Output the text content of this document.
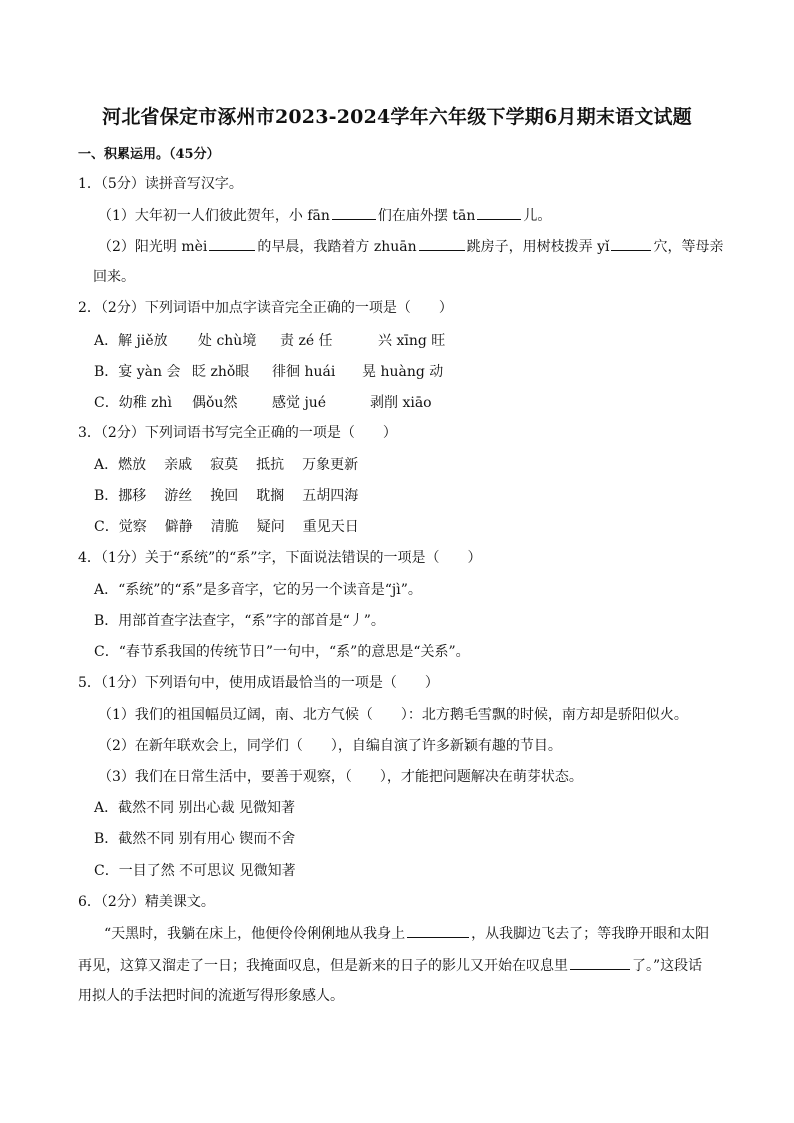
河北省保定市涿州市2023-2024学年六年级下学期6月期末语文试题
一、积累运用。（45分）
1．（5分）读拼音写汉字。
（1）大年初一人们彼此贺年，小 fān	们在庙外摆 tān	儿。
（2）阳光明 mèi	的早晨，我踏着方 zhuān	跳房子，用树枝拨弄 yǐ	穴，等母亲
回来。
2．（2分）下列词语中加点字读音完全正确的一项是（　　）
A．解 jiě放 处 chù境 责 zé 任	兴 xīng 旺
B．宴 yàn 会 眨 zhǒ眼 徘徊 huái 晃 huàng 动
C．幼稚 zhì 偶ǒu然 感觉 jué	剥削 xiāo
3．（2分）下列词语书写完全正确的一项是（　　）
A．燃放 亲戚 寂莫 抵抗 万象更新
B．挪移 游丝 挽回 耽搁 五胡四海
C．觉察 僻静 清脆 疑问 重见天日
4．（1分）关于“系统”的“系”字，下面说法错误的一项是（　　）
A．“系统”的“系”是多音字，它的另一个读音是“jì”。
B．用部首查字法查字，“系”字的部首是“丿”。
C．“春节系我国的传统节日”一句中，“系”的意思是“关系”。
5．（1分）下列语句中，使用成语最恰当的一项是（　　）
（1）我们的祖国幅员辽阔，南、北方气候（　　）：北方鹅毛雪飘的时候，南方却是骄阳似火。
（2）在新年联欢会上，同学们（　　），自编自演了许多新颖有趣的节目。
（3）我们在日常生活中，要善于观察，（　　），才能把问题解决在萌芽状态。
A．截然不同 别出心裁 见微知著
B．截然不同 别有用心 锲而不舍
C．一目了然 不可思议 见微知著
6．（2分）精美课文。
“天黑时，我躺在床上，他便伶伶俐俐地从我身上	，从我脚边飞去了；等我睁开眼和太阳
再见，这算又溜走了一日；我掩面叹息，但是新来的日子的影儿又开始在叹息里	了。”这段话
用拟人的手法把时间的流逝写得形象感人。
